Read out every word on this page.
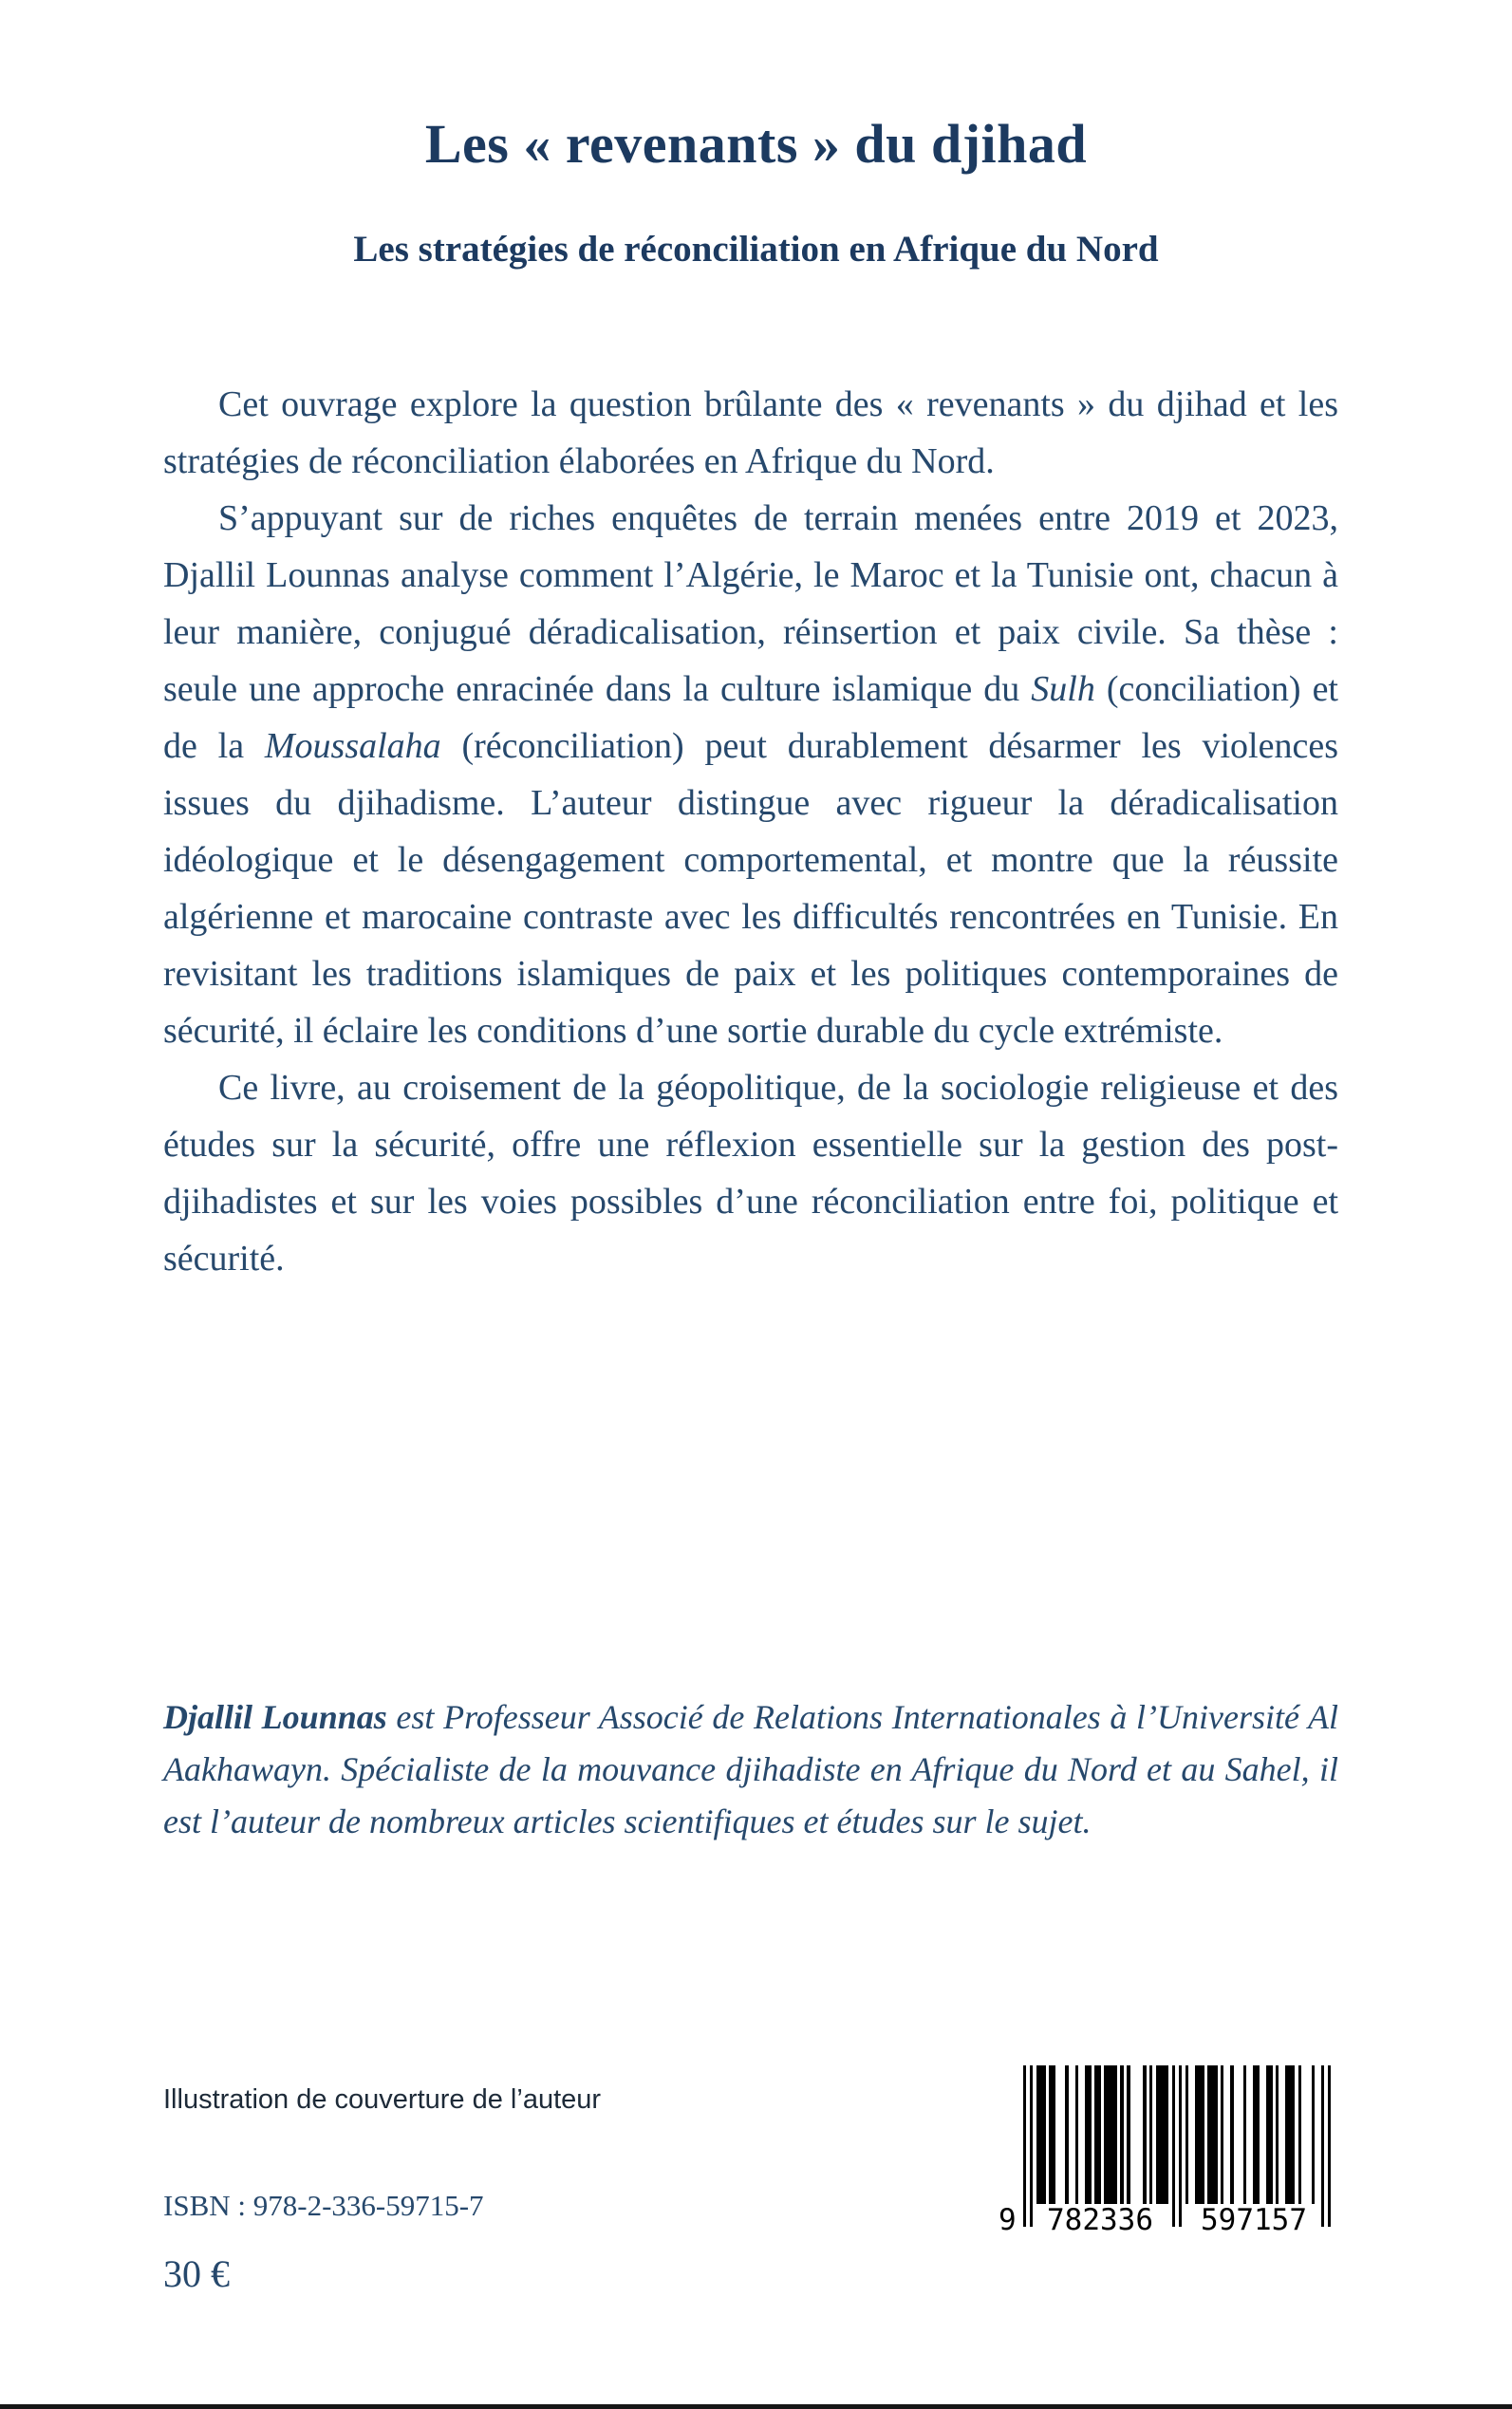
Les « revenants » du djihad
Les stratégies de réconciliation en Afrique du Nord

Cet ouvrage explore la question brûlante des « revenants » du djihad et les stratégies de réconciliation élaborées en Afrique du Nord.

S’appuyant sur de riches enquêtes de terrain menées entre 2019 et 2023, Djallil Lounnas analyse comment l’Algérie, le Maroc et la Tunisie ont, chacun à leur manière, conjugué déradicalisation, réinsertion et paix civile. Sa thèse : seule une approche enracinée dans la culture islamique du Sulh (conciliation) et de la Moussalaha (réconciliation) peut durablement désarmer les violences issues du djihadisme. L’auteur distingue avec rigueur la déradicalisation idéologique et le désengagement comportemental, et montre que la réussite algérienne et marocaine contraste avec les difficultés rencontrées en Tunisie. En revisitant les traditions islamiques de paix et les politiques contemporaines de sécurité, il éclaire les conditions d’une sortie durable du cycle extrémiste.

Ce livre, au croisement de la géopolitique, de la sociologie religieuse et des études sur la sécurité, offre une réflexion essentielle sur la gestion des post-djihadistes et sur les voies possibles d’une réconciliation entre foi, politique et sécurité.

Djallil Lounnas est Professeur Associé de Relations Internationales à l’Université Al Aakhawayn. Spécialiste de la mouvance djihadiste en Afrique du Nord et au Sahel, il est l’auteur de nombreux articles scientifiques et études sur le sujet.
Illustration de couverture de l’auteur
ISBN : 978-2-336-59715-7
30 €
9	782336	597157
